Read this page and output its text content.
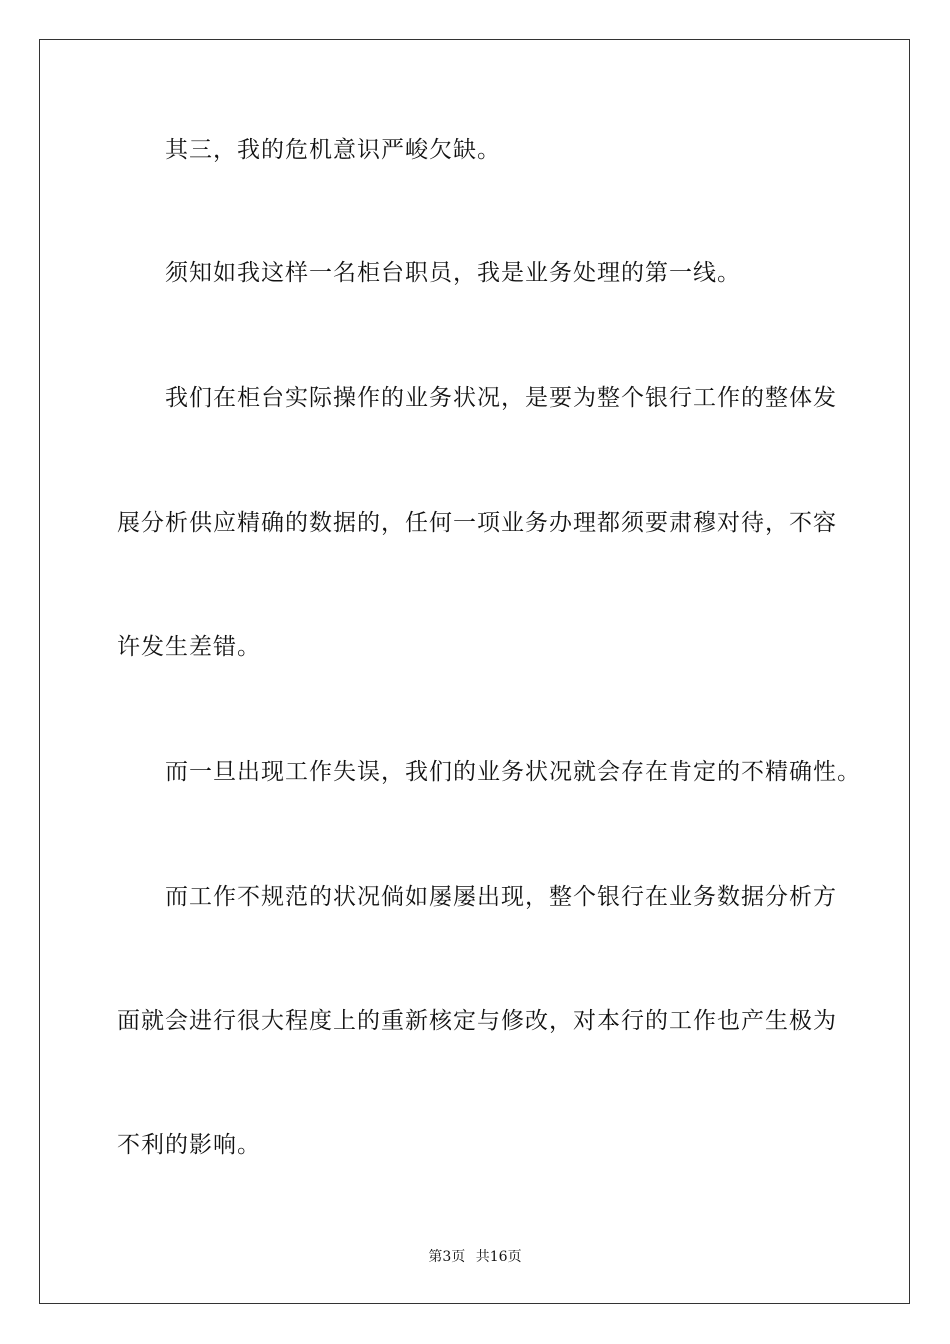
其三，我的危机意识严峻欠缺。
须知如我这样一名柜台职员，我是业务处理的第一线。
我们在柜台实际操作的业务状况，是要为整个银行工作的整体发
展分析供应精确的数据的，任何一项业务办理都须要肃穆对待，不容
许发生差错。
而一旦出现工作失误，我们的业务状况就会存在肯定的不精确性。
而工作不规范的状况倘如屡屡出现，整个银行在业务数据分析方
面就会进行很大程度上的重新核定与修改，对本行的工作也产生极为
不利的影响。
第3页 共16页
